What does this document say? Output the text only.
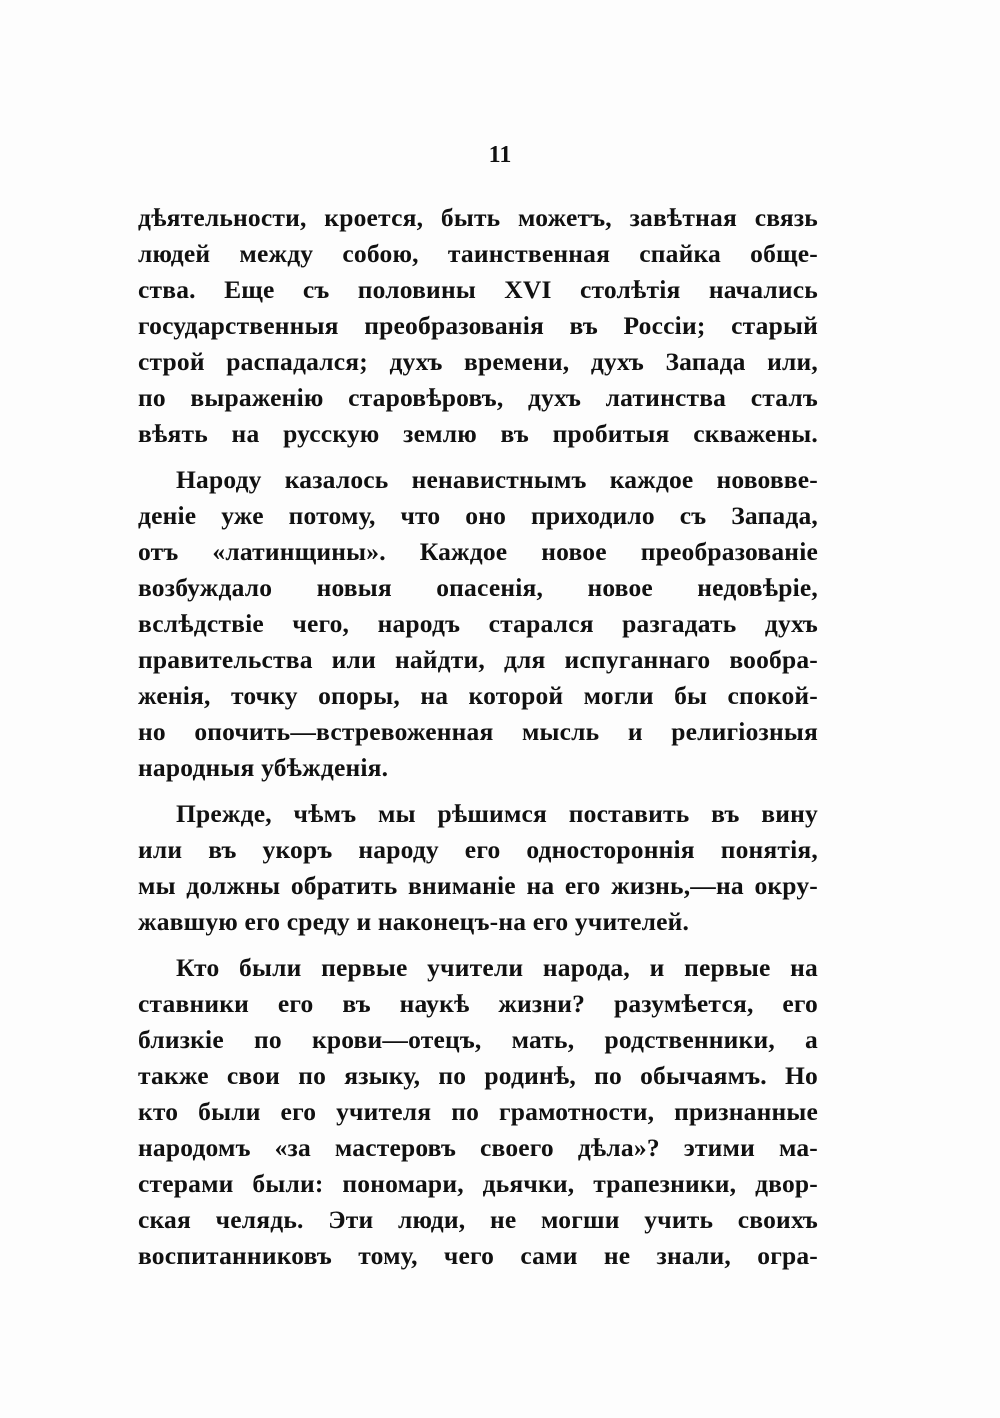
11
дѣятельности, кроется, быть можетъ, завѣтная связь
людей между собою, таинственная спайка обще-
ства. Еще съ половины XVI столѣтія начались
государственныя преобразованія въ Россіи; старый
строй распадался; духъ времени, духъ Запада или,
по выраженію старовѣровъ, духъ латинства сталъ
вѣять на русскую землю въ пробитыя скважены.
Народу казалось ненавистнымъ каждое нововве-
деніе уже потому, что оно приходило съ Запада,
отъ «латинщины». Каждое новое преобразованіе
возбуждало новыя опасенія, новое недовѣріе,
вслѣдствіе чего, народъ старался разгадать духъ
правительства или найдти, для испуганнаго вообра-
женія, точку опоры, на которой могли бы спокой-
но опочить—встревоженная мысль и религіозныя
народныя убѣжденія.
Прежде, чѣмъ мы рѣшимся поставить въ вину
или въ укоръ народу его одностороннія понятія,
мы должны обратить вниманіе на его жизнь,—на окру-
жавшую его среду и наконецъ-на его учителей.
Кто были первые учители народа, и первые на
ставники его въ наукѣ жизни? разумѣется, его
близкіе по крови—отецъ, мать, родственники, а
также свои по языку, по родинѣ, по обычаямъ. Но
кто были его учителя по грамотности, признанные
народомъ «за мастеровъ своего дѣла»? этими ма-
стерами были: пономари, дьячки, трапезники, двор-
ская челядь. Эти люди, не могши учить своихъ
воспитанниковъ тому, чего сами не знали, огра-
